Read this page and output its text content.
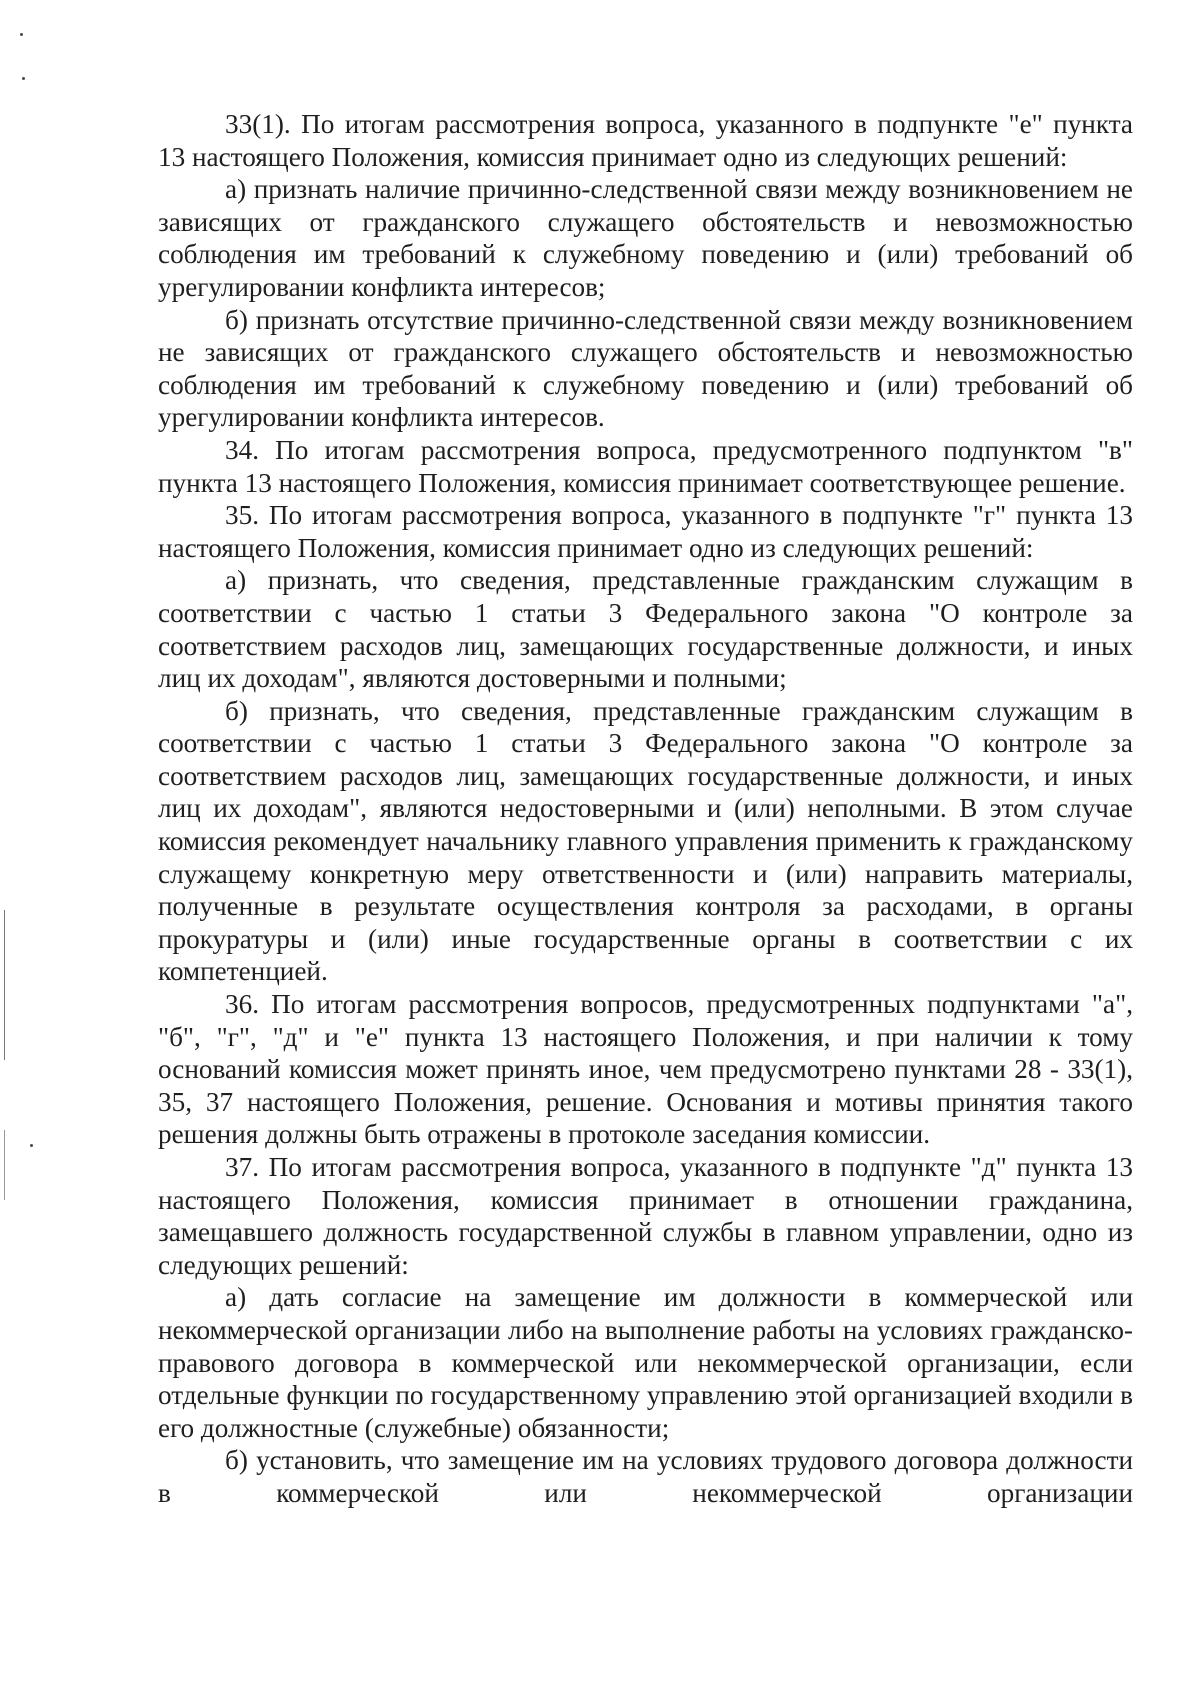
33(1). По итогам рассмотрения вопроса, указанного в подпункте "е" пункта 13 настоящего Положения, комиссия принимает одно из следующих решений:

а) признать наличие причинно-следственной связи между возникновением не зависящих от гражданского служащего обстоятельств и невозможностью соблюдения им требований к служебному поведению и (или) требований об урегулировании конфликта интересов;

б) признать отсутствие причинно-следственной связи между возникновением не зависящих от гражданского служащего обстоятельств и невозможностью соблюдения им требований к служебному поведению и (или) требований об урегулировании конфликта интересов.

34. По итогам рассмотрения вопроса, предусмотренного подпунктом "в" пункта 13 настоящего Положения, комиссия принимает соответствующее решение.

35. По итогам рассмотрения вопроса, указанного в подпункте "г" пункта 13 настоящего Положения, комиссия принимает одно из следующих решений:

а) признать, что сведения, представленные гражданским служащим в соответствии с частью 1 статьи 3 Федерального закона "О контроле за соответствием расходов лиц, замещающих государственные должности, и иных лиц их доходам", являются достоверными и полными;

б) признать, что сведения, представленные гражданским служащим в соответствии с частью 1 статьи 3 Федерального закона "О контроле за соответствием расходов лиц, замещающих государственные должности, и иных лиц их доходам", являются недостоверными и (или) неполными. В этом случае комиссия рекомендует начальнику главного управления применить к гражданскому служащему конкретную меру ответственности и (или) направить материалы, полученные в результате осуществления контроля за расходами, в органы прокуратуры и (или) иные государственные органы в соответствии с их компетенцией.

36. По итогам рассмотрения вопросов, предусмотренных подпунктами "а", "б", "г", "д" и "е" пункта 13 настоящего Положения, и при наличии к тому оснований комиссия может принять иное, чем предусмотрено пунктами 28 - 33(1), 35, 37 настоящего Положения, решение. Основания и мотивы принятия такого решения должны быть отражены в протоколе заседания комиссии.

37. По итогам рассмотрения вопроса, указанного в подпункте "д" пункта 13 настоящего Положения, комиссия принимает в отношении гражданина, замещавшего должность государственной службы в главном управлении, одно из следующих решений:

а) дать согласие на замещение им должности в коммерческой или некоммерческой организации либо на выполнение работы на условиях гражданско-правового договора в коммерческой или некоммерческой организации, если отдельные функции по государственному управлению этой организацией входили в его должностные (служебные) обязанности;

б) установить, что замещение им на условиях трудового договора должности в коммерческой или некоммерческой организации
